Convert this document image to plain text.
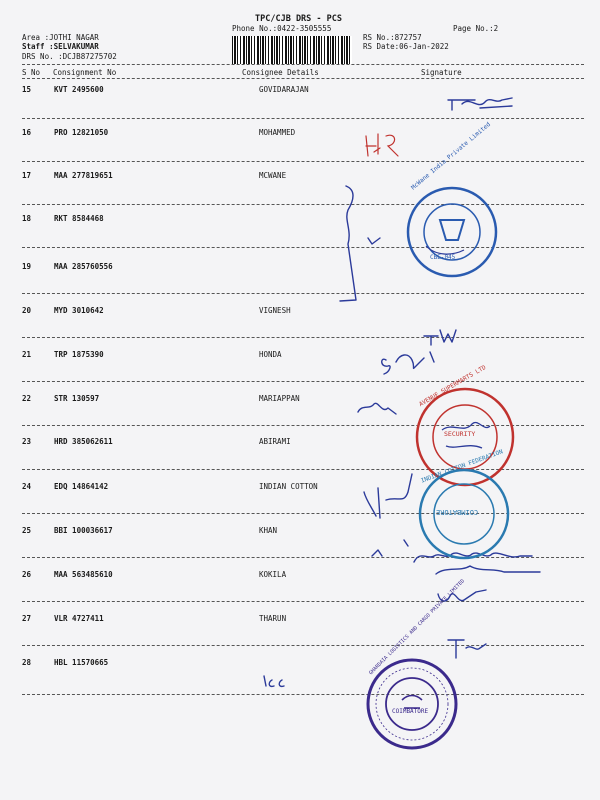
TPC/CJB DRS - PCS
Phone No.:0422-3505555	Page No.:2
Area :JOTHI NAGAR
Staff :SELVAKUMAR
DRS No. :DCJB87275702
RS No.:872757
RS Date:06-Jan-2022
S No Consignment No	Consignee Details	Signature
15	KVT 2495600	GOVIDARAJAN
16	PRO 12821050	MOHAMMED
17	MAA 277819651	MCWANE
18	RKT 8584468
19	MAA 285760556
20	MYD 3010642	VIGNESH
21	TRP 1875390	HONDA
22	STR 130597	MARIAPPAN
23	HRD 385062611	ABIRAMI
24	EDQ 14864142	INDIAN COTTON
25	BBI 100036617	KHAN
26	MAA 563485610	KOKILA
27	VLR 4727411	THARUN
28	HBL 11570665
McWane India Private Limited
CBE-045
AVENUE SUPERMARTS LTD
SECURITY
INDIAN COTTON FEDERATION
COIMBATORE
GHARDAIA LOGISTICS AND CARGO PRIVATE LIMITED
COIMBATORE
